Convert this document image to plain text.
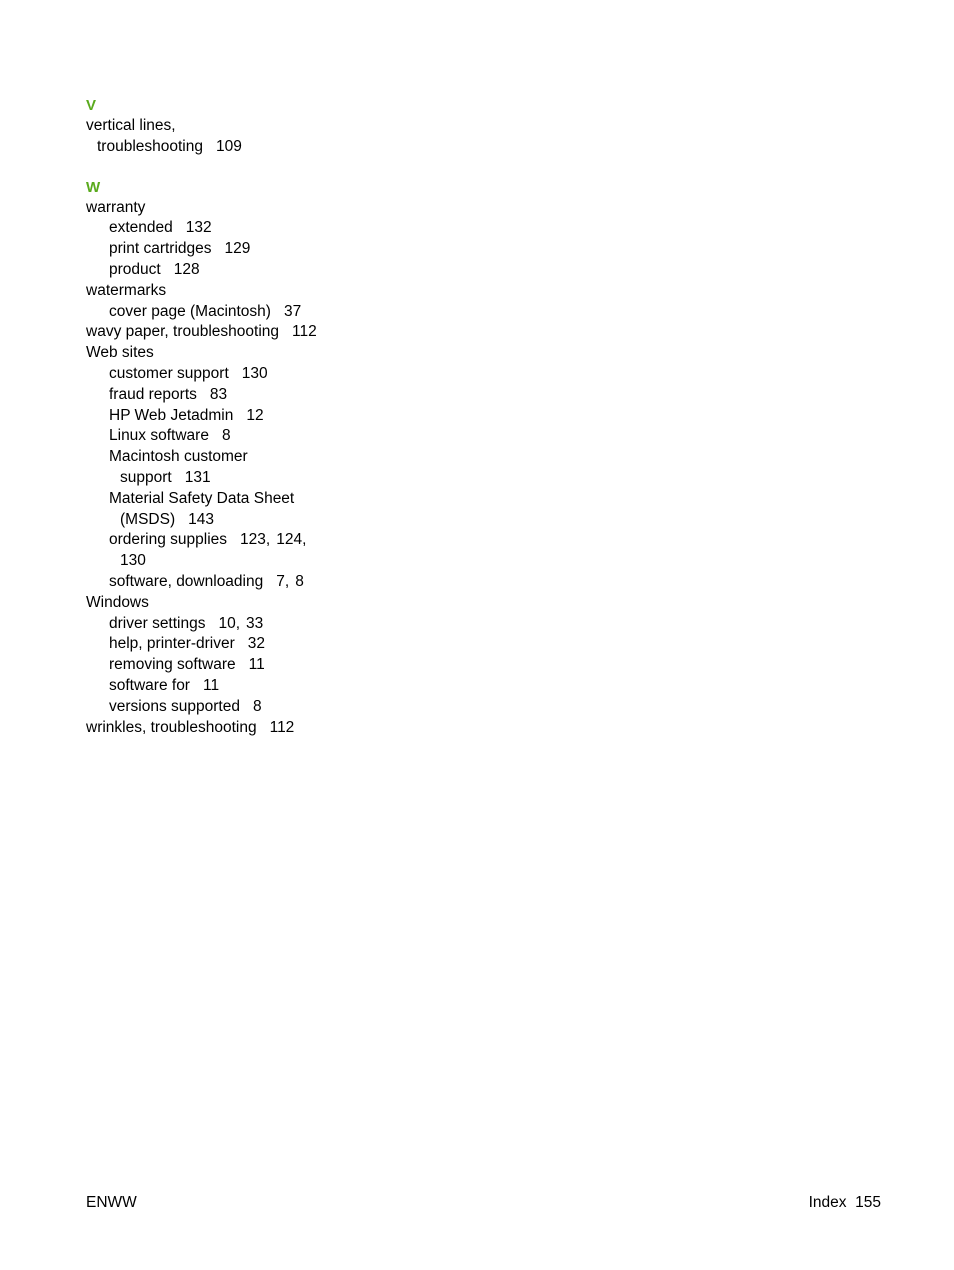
V
vertical lines,
troubleshooting 109
W
warranty
extended 132
print cartridges 129
product 128
watermarks
cover page (Macintosh) 37
wavy paper, troubleshooting 112
Web sites
customer support 130
fraud reports 83
HP Web Jetadmin 12
Linux software 8
Macintosh customer
support 131
Material Safety Data Sheet
(MSDS) 143
ordering supplies 123, 124,
130
software, downloading 7, 8
Windows
driver settings 10, 33
help, printer-driver 32
removing software 11
software for 11
versions supported 8
wrinkles, troubleshooting 112
ENWW	Index 155
